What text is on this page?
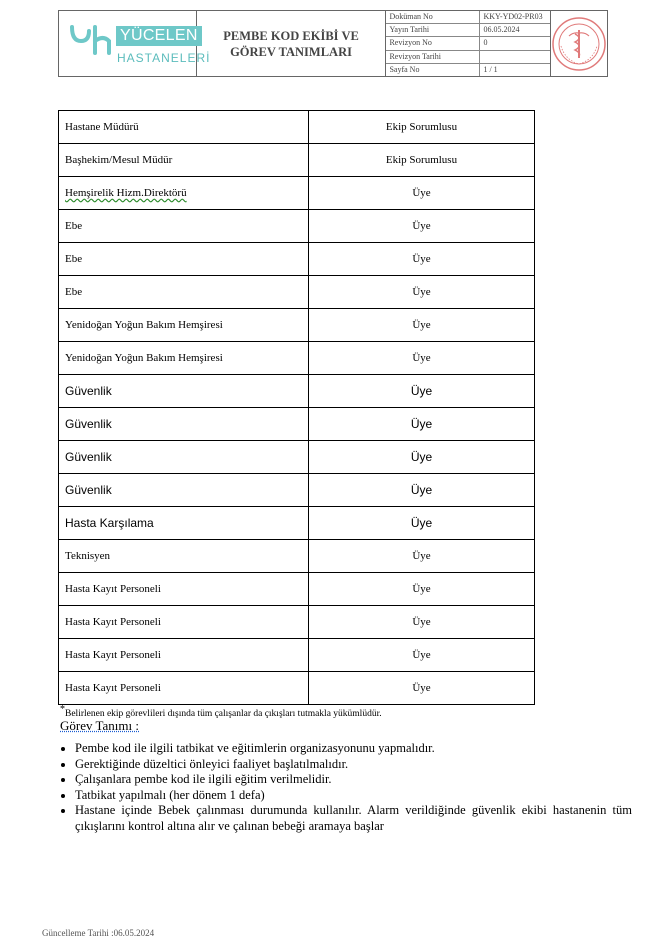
YÜCELEN
HASTANELERİ
PEMBE KOD EKİBİ VE GÖREV TANIMLARI
Doküman No	KKY-YD02-PR03
Yayın Tarihi	06.05.2024
Revizyon No	0
Revizyon Tarihi
Sayfa No	1 / 1
Hastane Müdürü	Ekip Sorumlusu
Başhekim/Mesul Müdür	Ekip Sorumlusu
Hemşirelik Hizm.Direktörü	Üye
Ebe	Üye
Ebe	Üye
Ebe	Üye
Yenidoğan Yoğun Bakım Hemşiresi	Üye
Yenidoğan Yoğun Bakım Hemşiresi	Üye
Güvenlik	Üye
Güvenlik	Üye
Güvenlik	Üye
Güvenlik	Üye
Hasta Karşılama	Üye
Teknisyen	Üye
Hasta Kayıt Personeli	Üye
Hasta Kayıt Personeli	Üye
Hasta Kayıt Personeli	Üye
Hasta Kayıt Personeli	Üye
*Belirlenen ekip görevlileri dışında tüm çalışanlar da çıkışları tutmakla yükümlüdür.
Görev Tanımı :
• Pembe kod ile ilgili tatbikat ve eğitimlerin organizasyonunu yapmalıdır.
• Gerektiğinde düzeltici önleyici faaliyet başlatılmalıdır.
• Çalışanlara pembe kod ile ilgili eğitim verilmelidir.
• Tatbikat yapılmalı (her dönem 1 defa)
• Hastane içinde Bebek çalınması durumunda kullanılır. Alarm verildiğinde güvenlik ekibi hastanenin tüm çıkışlarını kontrol altına alır ve çalınan bebeği aramaya başlar
Güncelleme Tarihi :06.05.2024
